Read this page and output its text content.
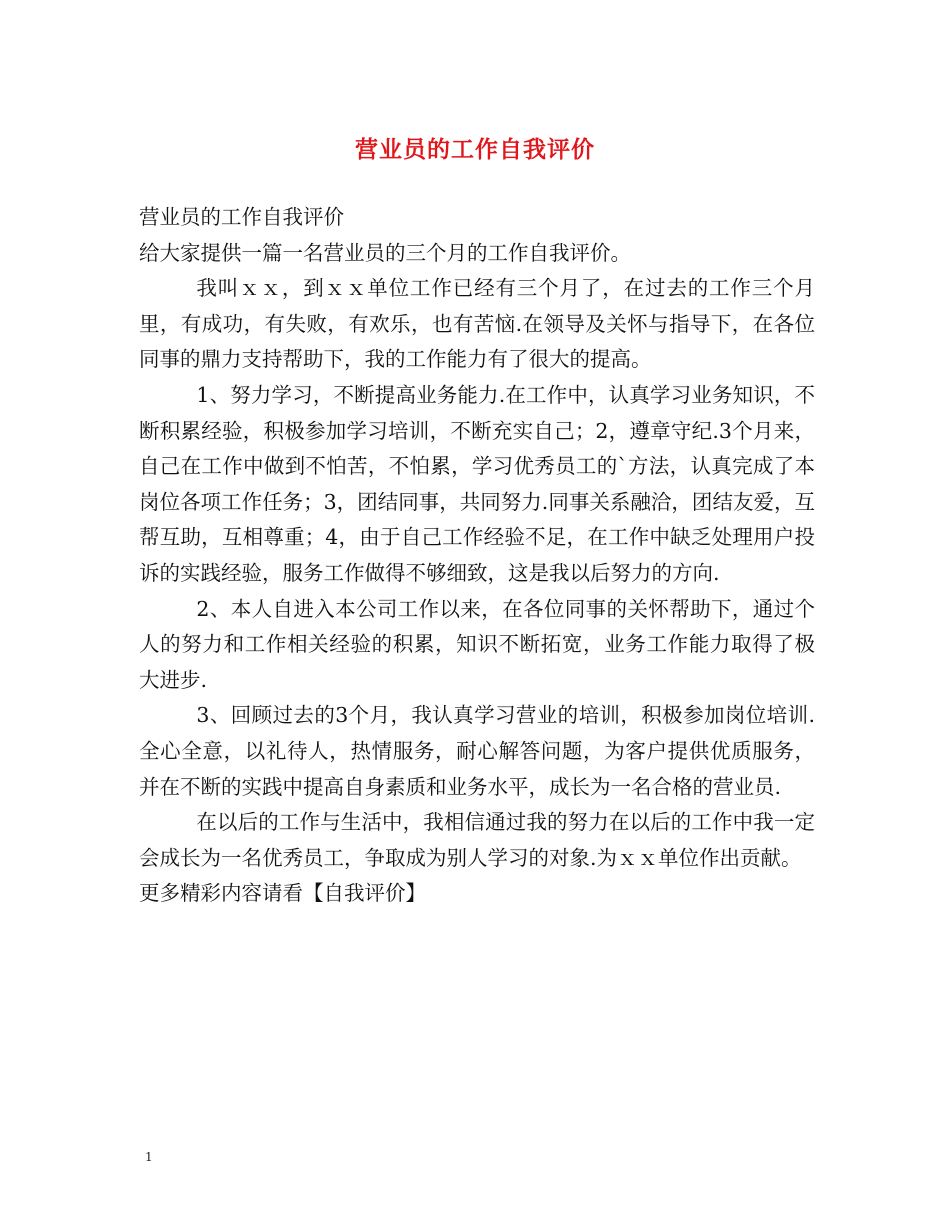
营业员的工作自我评价

营业员的工作自我评价

给大家提供一篇一名营业员的三个月的工作自我评价。

我叫ｘｘ，到ｘｘ单位工作已经有三个月了，在过去的工作三个月里，有成功，有失败，有欢乐，也有苦恼.在领导及关怀与指导下，在各位同事的鼎力支持帮助下，我的工作能力有了很大的提高。

1、努力学习，不断提高业务能力.在工作中，认真学习业务知识，不断积累经验，积极参加学习培训，不断充实自己；2，遵章守纪.3个月来，自己在工作中做到不怕苦，不怕累，学习优秀员工的`方法，认真完成了本岗位各项工作任务；3，团结同事，共同努力.同事关系融洽，团结友爱，互帮互助，互相尊重；4，由于自己工作经验不足，在工作中缺乏处理用户投诉的实践经验，服务工作做得不够细致，这是我以后努力的方向.

2、本人自进入本公司工作以来，在各位同事的关怀帮助下，通过个人的努力和工作相关经验的积累，知识不断拓宽，业务工作能力取得了极大进步.

3、回顾过去的3个月，我认真学习营业的培训，积极参加岗位培训.全心全意，以礼待人，热情服务，耐心解答问题，为客户提供优质服务，并在不断的实践中提高自身素质和业务水平，成长为一名合格的营业员.

在以后的工作与生活中，我相信通过我的努力在以后的工作中我一定会成长为一名优秀员工，争取成为别人学习的对象.为ｘｘ单位作出贡献。

更多精彩内容请看【自我评价】

1
